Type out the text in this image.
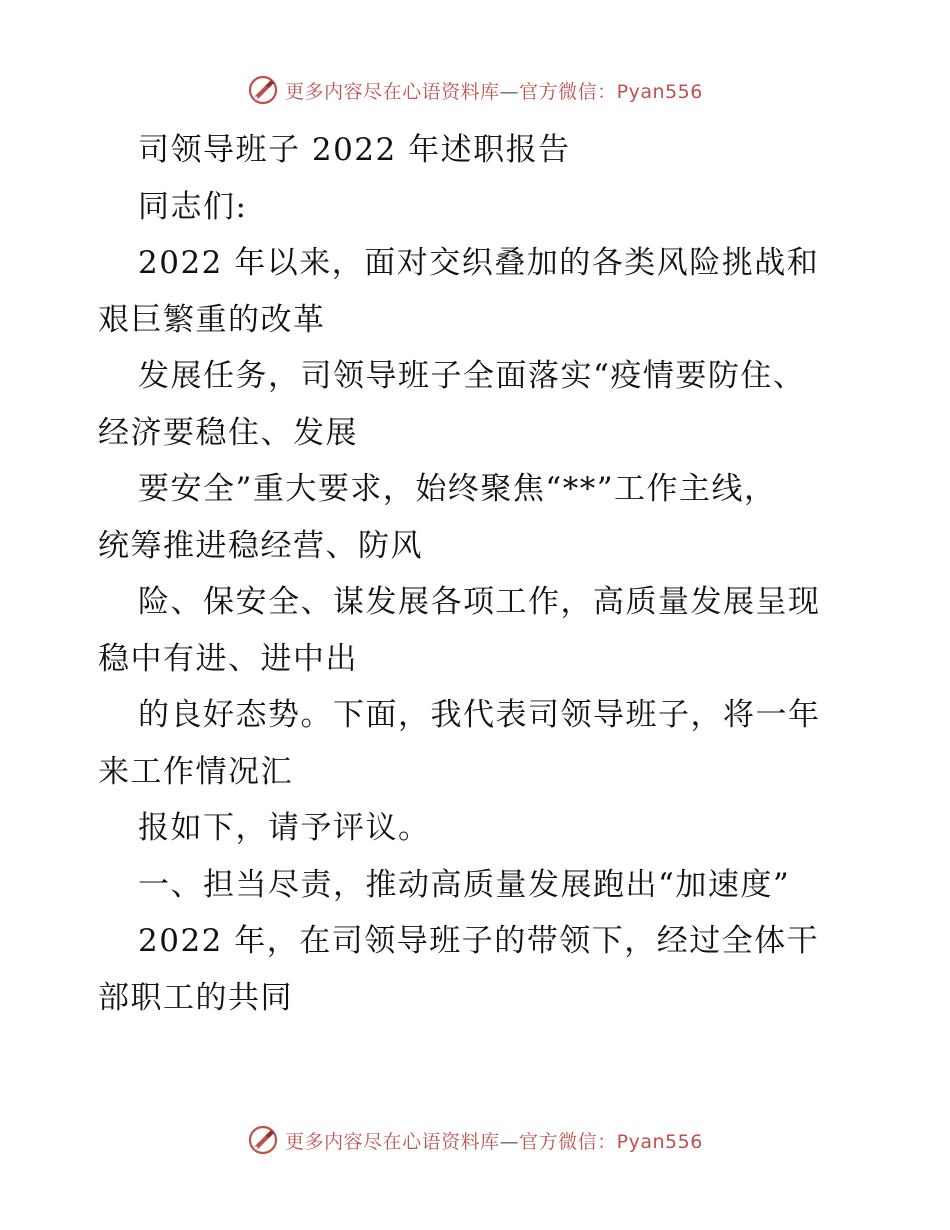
更多内容尽在心语资料库—官方微信：Pyan556
司领导班子 2022 年述职报告
同志们:
2022 年以来，面对交织叠加的各类风险挑战和
艰巨繁重的改革
发展任务，司领导班子全面落实“疫情要防住、
经济要稳住、发展
要安全”重大要求，始终聚焦“**”工作主线，
统筹推进稳经营、防风
险、保安全、谋发展各项工作，高质量发展呈现
稳中有进、进中出
的良好态势。下面，我代表司领导班子，将一年
来工作情况汇
报如下，请予评议。
一、担当尽责，推动高质量发展跑出“加速度”
2022 年，在司领导班子的带领下，经过全体干
部职工的共同
更多内容尽在心语资料库—官方微信：Pyan556
